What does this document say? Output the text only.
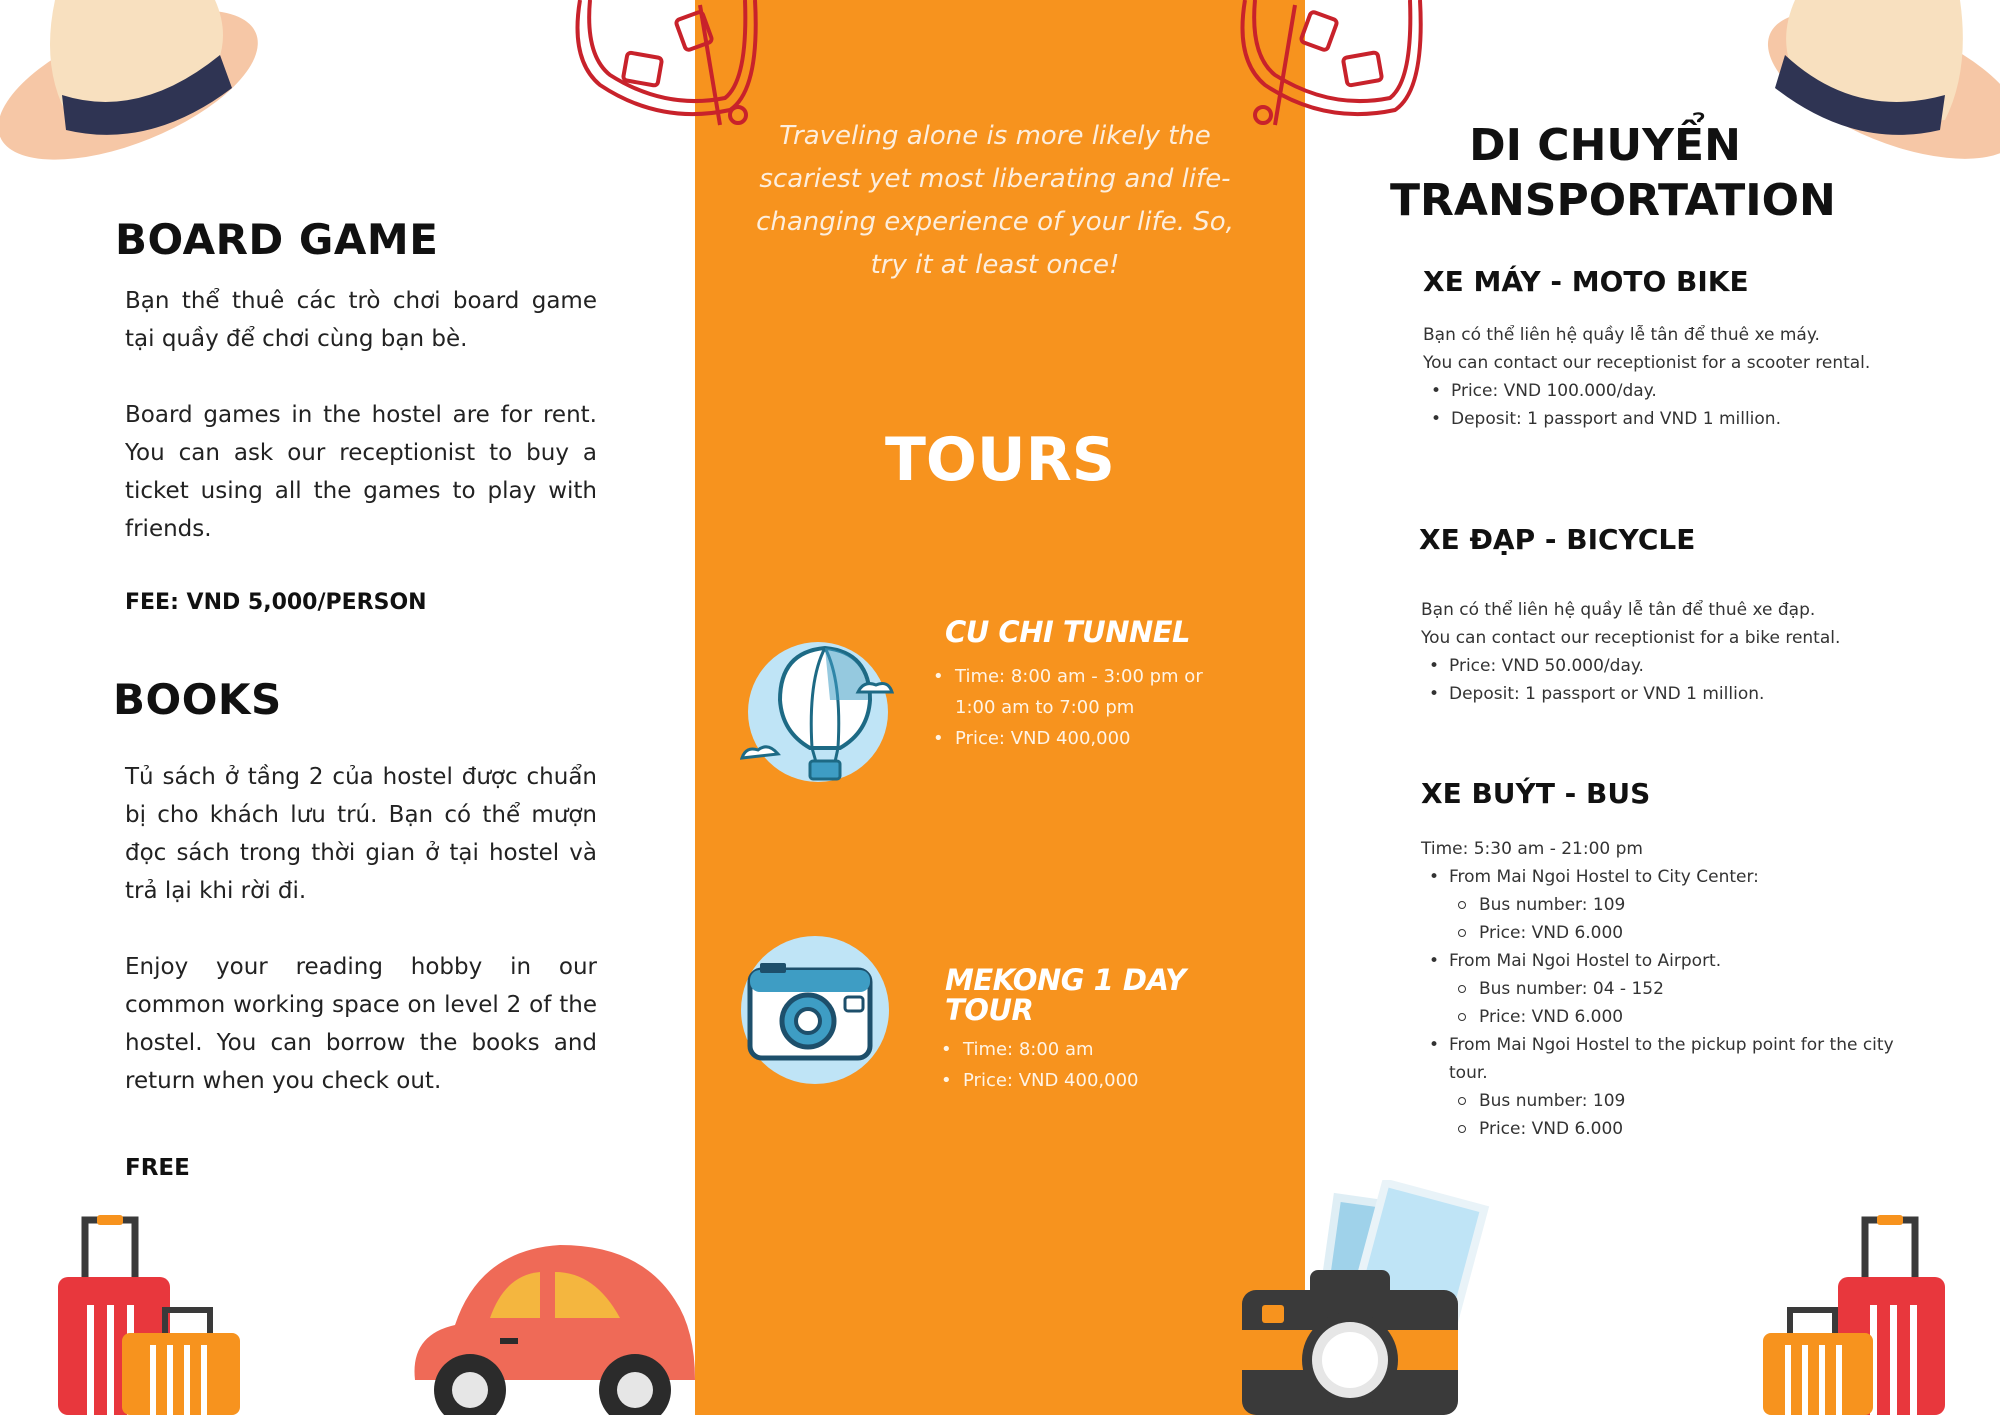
BOARD GAME
Bạn thể thuê các trò chơi board game tại quầy để chơi cùng bạn bè.
Board games in the hostel are for rent. You can ask our receptionist to buy a ticket using all the games to play with friends.
FEE: VND 5,000/PERSON
BOOKS
Tủ sách ở tầng 2 của hostel được chuẩn bị cho khách lưu trú. Bạn có thể mượn đọc sách trong thời gian ở tại hostel và trả lại khi rời đi.
Enjoy your reading hobby in our common working space on level 2 of the hostel. You can borrow the books and return when you check out.
FREE
Traveling alone is more likely the scariest yet most liberating and life-changing experience of your life. So, try it at least once!
TOURS
CU CHI TUNNEL
• Time: 8:00 am - 3:00 pm or 1:00 am to 7:00 pm
• Price: VND 400,000
MEKONG 1 DAY
TOUR
• Time: 8:00 am
• Price: VND 400,000
DI CHUYỂN
TRANSPORTATION
XE MÁY - MOTO BIKE
Bạn có thể liên hệ quầy lễ tân để thuê xe máy.
You can contact our receptionist for a scooter rental.
• Price: VND 100.000/day.
• Deposit: 1 passport and VND 1 million.
XE ĐẠP - BICYCLE
Bạn có thể liên hệ quầy lễ tân để thuê xe đạp.
You can contact our receptionist for a bike rental.
• Price: VND 50.000/day.
• Deposit: 1 passport or VND 1 million.
XE BUÝT - BUS
Time: 5:30 am - 21:00 pm
• From Mai Ngoi Hostel to City Center:
Bus number: 109
Price: VND 6.000
• From Mai Ngoi Hostel to Airport.
Bus number: 04 - 152
Price: VND 6.000
• From Mai Ngoi Hostel to the pickup point for the city tour.
Bus number: 109
Price: VND 6.000
